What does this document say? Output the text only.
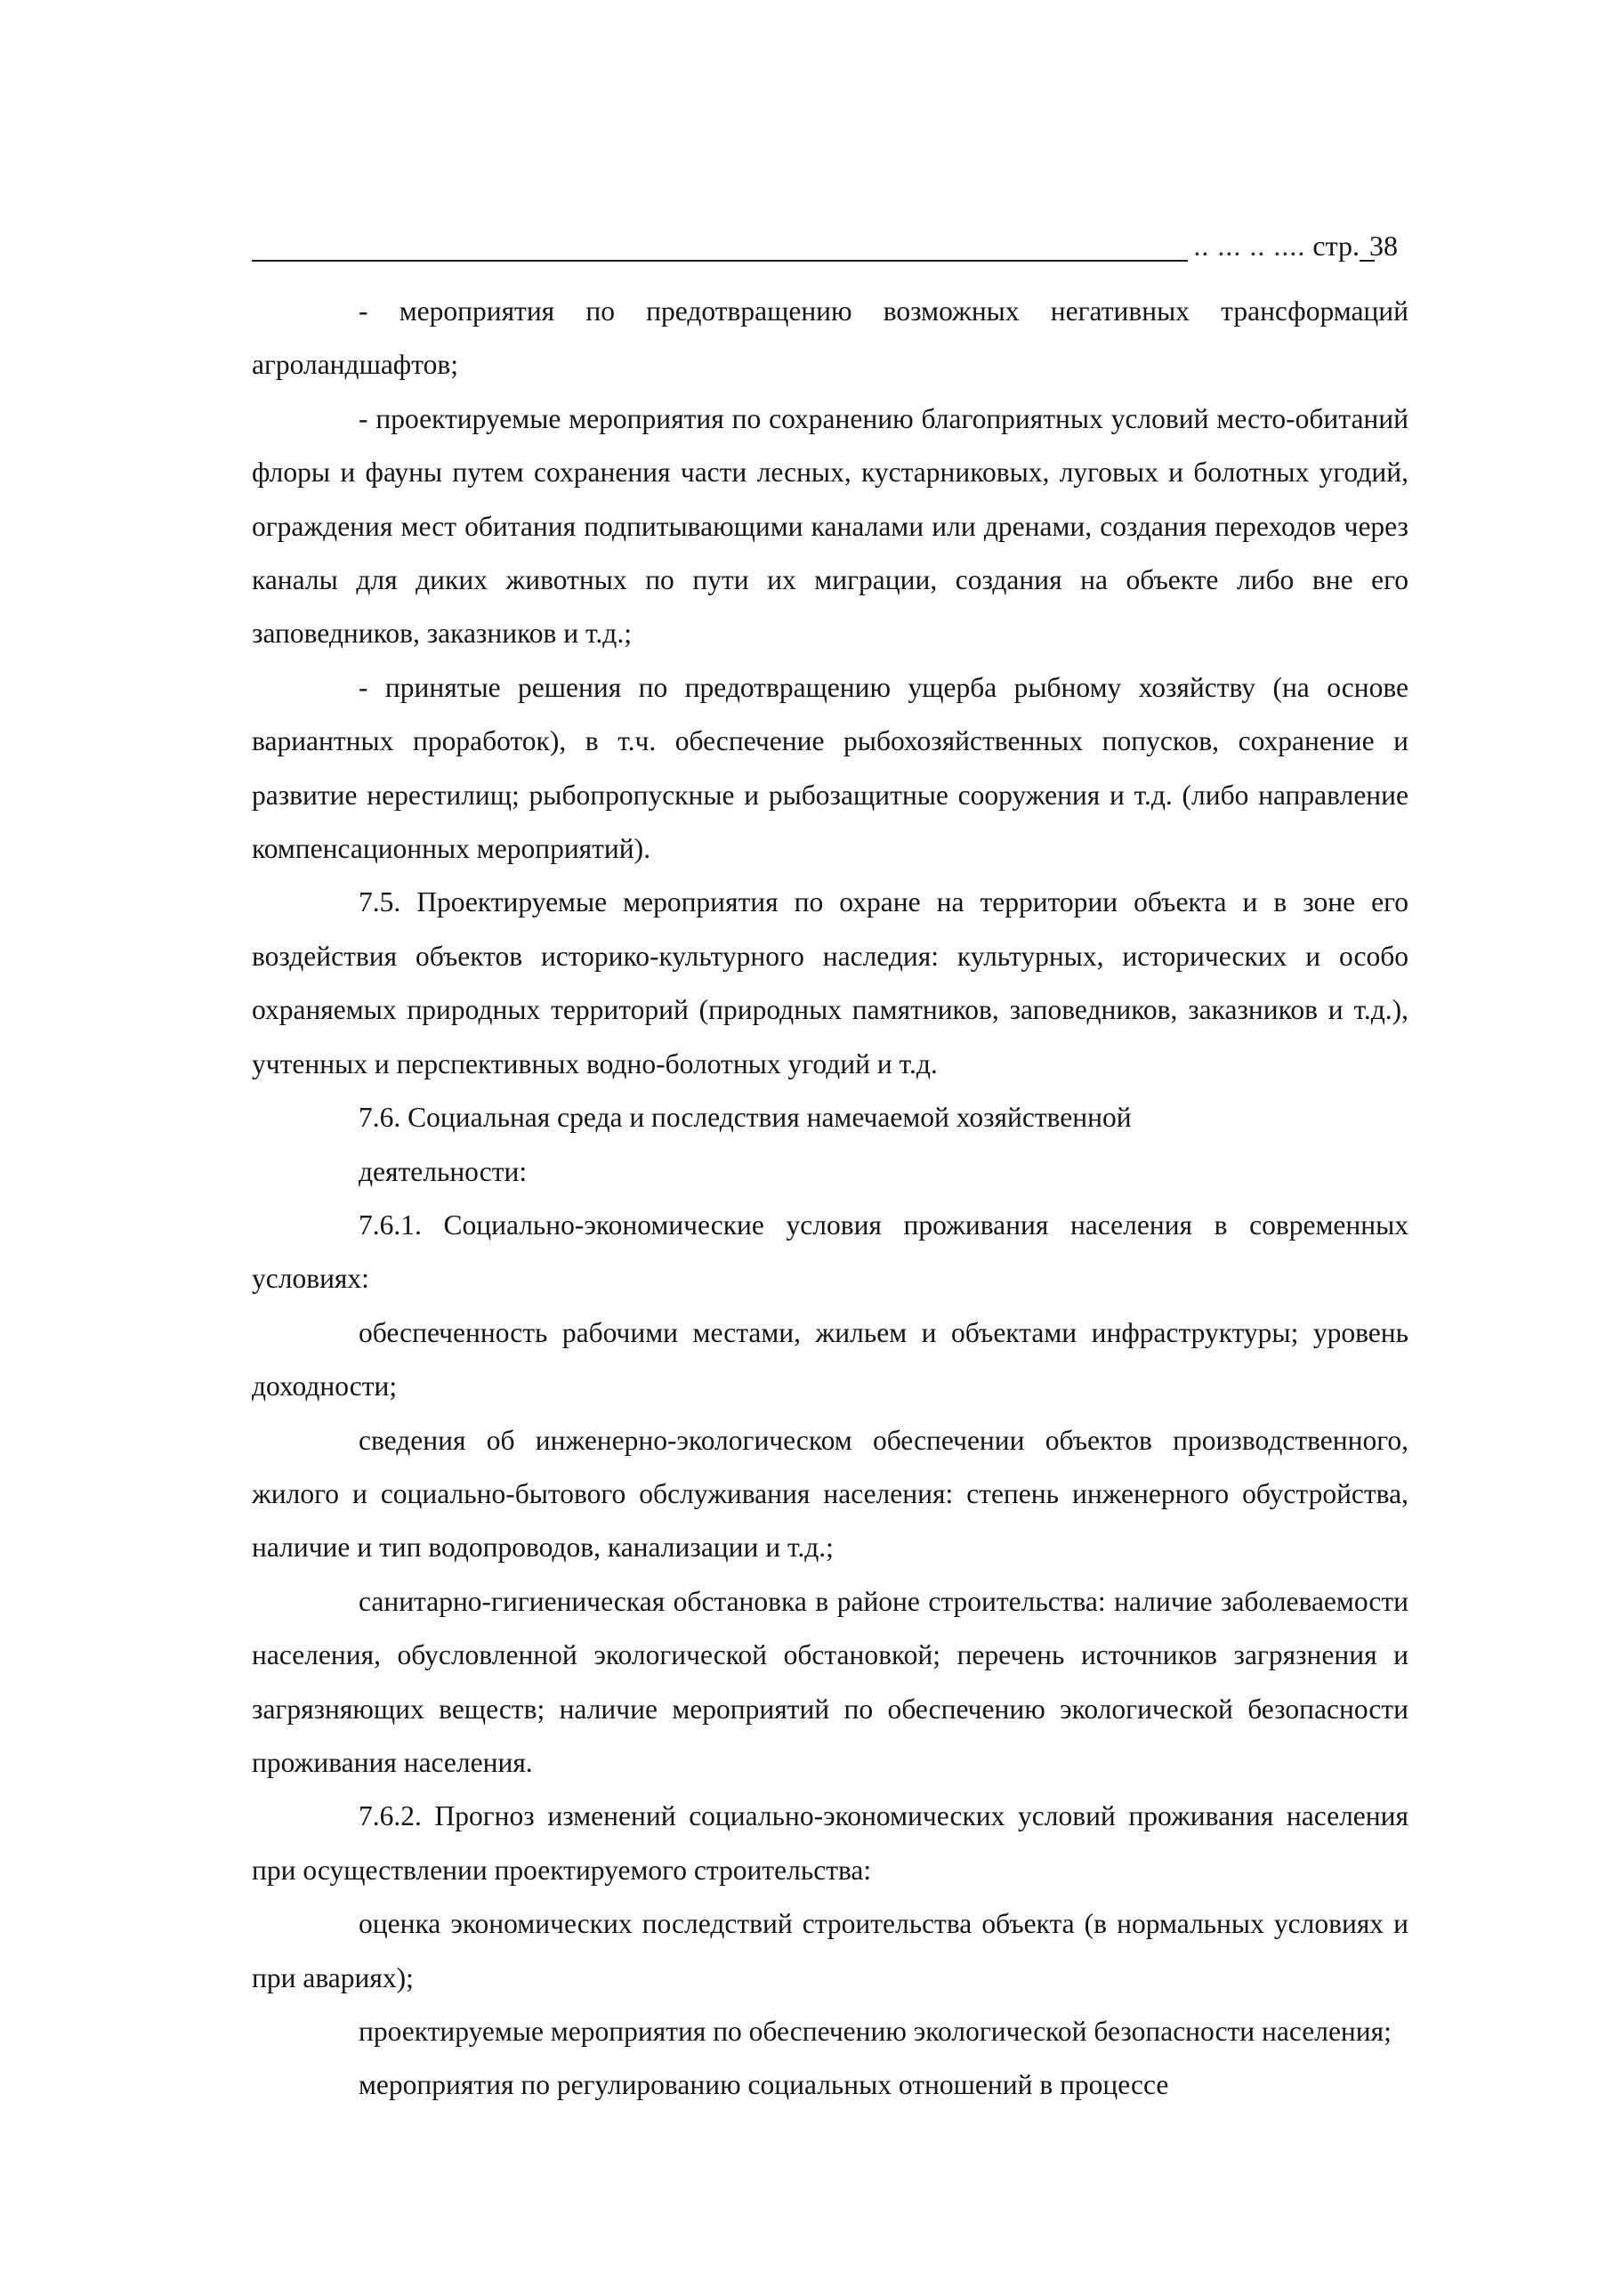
.. ... .. .... стр. 38

- мероприятия по предотвращению возможных негативных трансформаций агроландшафтов;

- проектируемые мероприятия по сохранению благоприятных условий место-обитаний флоры и фауны путем сохранения части лесных, кустарниковых, луговых и болотных угодий, ограждения мест обитания подпитывающими каналами или дренами, создания переходов через каналы для диких животных по пути их миграции, создания на объекте либо вне его заповедников, заказников и т.д.;

- принятые решения по предотвращению ущерба рыбному хозяйству (на основе вариантных проработок), в т.ч. обеспечение рыбохозяйственных попусков, сохранение и развитие нерестилищ; рыбопропускные и рыбозащитные сооружения и т.д. (либо направление компенсационных мероприятий).

7.5. Проектируемые мероприятия по охране на территории объекта и в зоне его воздействия объектов историко-культурного наследия: культурных, исторических и особо охраняемых природных территорий (природных памятников, заповедников, заказников и т.д.), учтенных и перспективных водно-болотных угодий и т.д.

7.6. Социальная среда и последствия намечаемой хозяйственной деятельности:

7.6.1. Социально-экономические условия проживания населения в современных условиях:

обеспеченность рабочими местами, жильем и объектами инфраструктуры; уровень доходности;

сведения об инженерно-экологическом обеспечении объектов производственного, жилого и социально-бытового обслуживания населения: степень инженерного обустройства, наличие и тип водопроводов, канализации и т.д.;

санитарно-гигиеническая обстановка в районе строительства: наличие заболеваемости населения, обусловленной экологической обстановкой; перечень источников загрязнения и загрязняющих веществ; наличие мероприятий по обеспечению экологической безопасности проживания населения.

7.6.2. Прогноз изменений социально-экономических условий проживания населения при осуществлении проектируемого строительства:

оценка экономических последствий строительства объекта (в нормальных условиях и при авариях);

проектируемые мероприятия по обеспечению экологической безопасности населения;

мероприятия по регулированию социальных отношений в процессе
